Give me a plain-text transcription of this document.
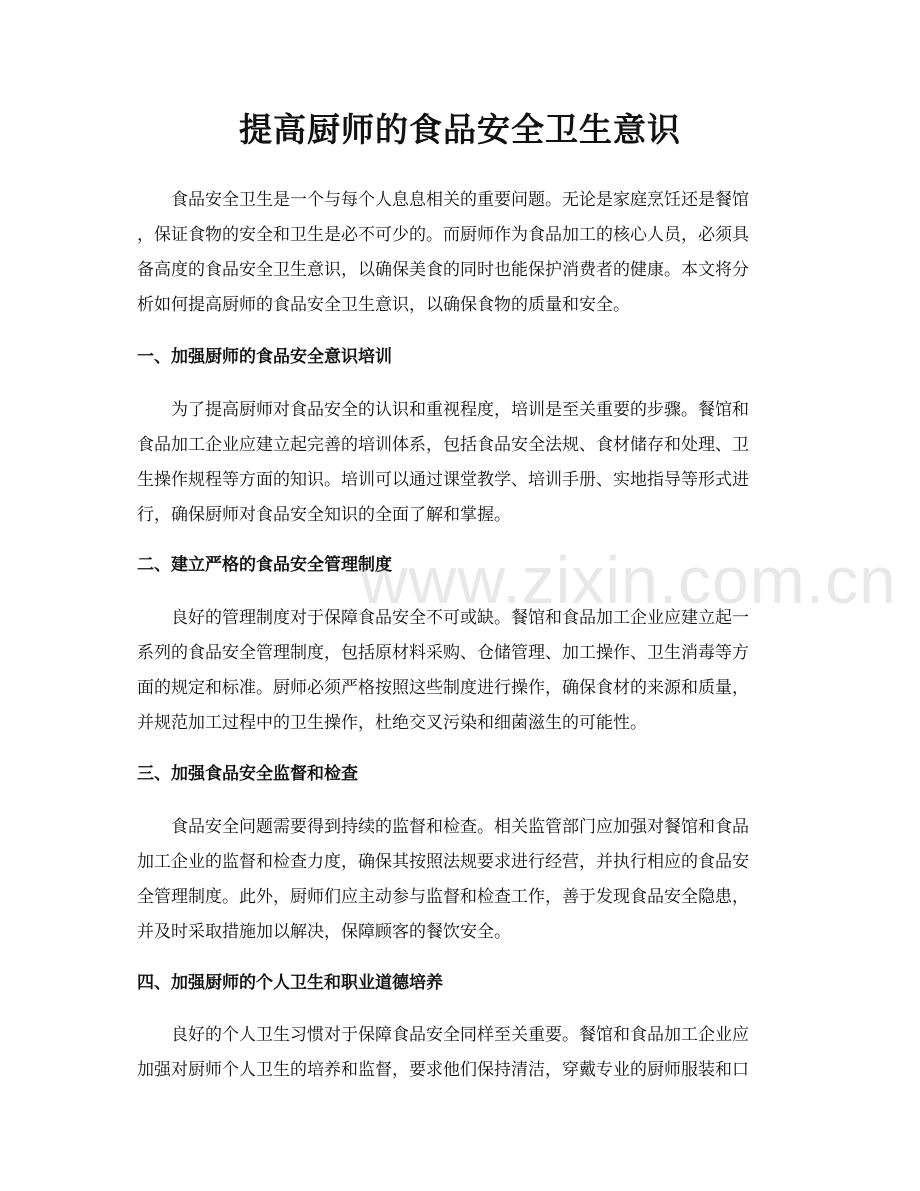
提高厨师的食品安全卫生意识

　　食品安全卫生是一个与每个人息息相关的重要问题。无论是家庭烹饪还是餐馆
，保证食物的安全和卫生是必不可少的。而厨师作为食品加工的核心人员，必须具
备高度的食品安全卫生意识，以确保美食的同时也能保护消费者的健康。本文将分
析如何提高厨师的食品安全卫生意识，以确保食物的质量和安全。

一、加强厨师的食品安全意识培训

　　为了提高厨师对食品安全的认识和重视程度，培训是至关重要的步骤。餐馆和
食品加工企业应建立起完善的培训体系，包括食品安全法规、食材储存和处理、卫
生操作规程等方面的知识。培训可以通过课堂教学、培训手册、实地指导等形式进
行，确保厨师对食品安全知识的全面了解和掌握。

二、建立严格的食品安全管理制度

　　良好的管理制度对于保障食品安全不可或缺。餐馆和食品加工企业应建立起一
系列的食品安全管理制度，包括原材料采购、仓储管理、加工操作、卫生消毒等方
面的规定和标准。厨师必须严格按照这些制度进行操作，确保食材的来源和质量，
并规范加工过程中的卫生操作，杜绝交叉污染和细菌滋生的可能性。

三、加强食品安全监督和检查

　　食品安全问题需要得到持续的监督和检查。相关监管部门应加强对餐馆和食品
加工企业的监督和检查力度，确保其按照法规要求进行经营，并执行相应的食品安
全管理制度。此外，厨师们应主动参与监督和检查工作，善于发现食品安全隐患，
并及时采取措施加以解决，保障顾客的餐饮安全。

四、加强厨师的个人卫生和职业道德培养

　　良好的个人卫生习惯对于保障食品安全同样至关重要。餐馆和食品加工企业应
加强对厨师个人卫生的培养和监督，要求他们保持清洁，穿戴专业的厨师服装和口

www.zixin.com.cn
